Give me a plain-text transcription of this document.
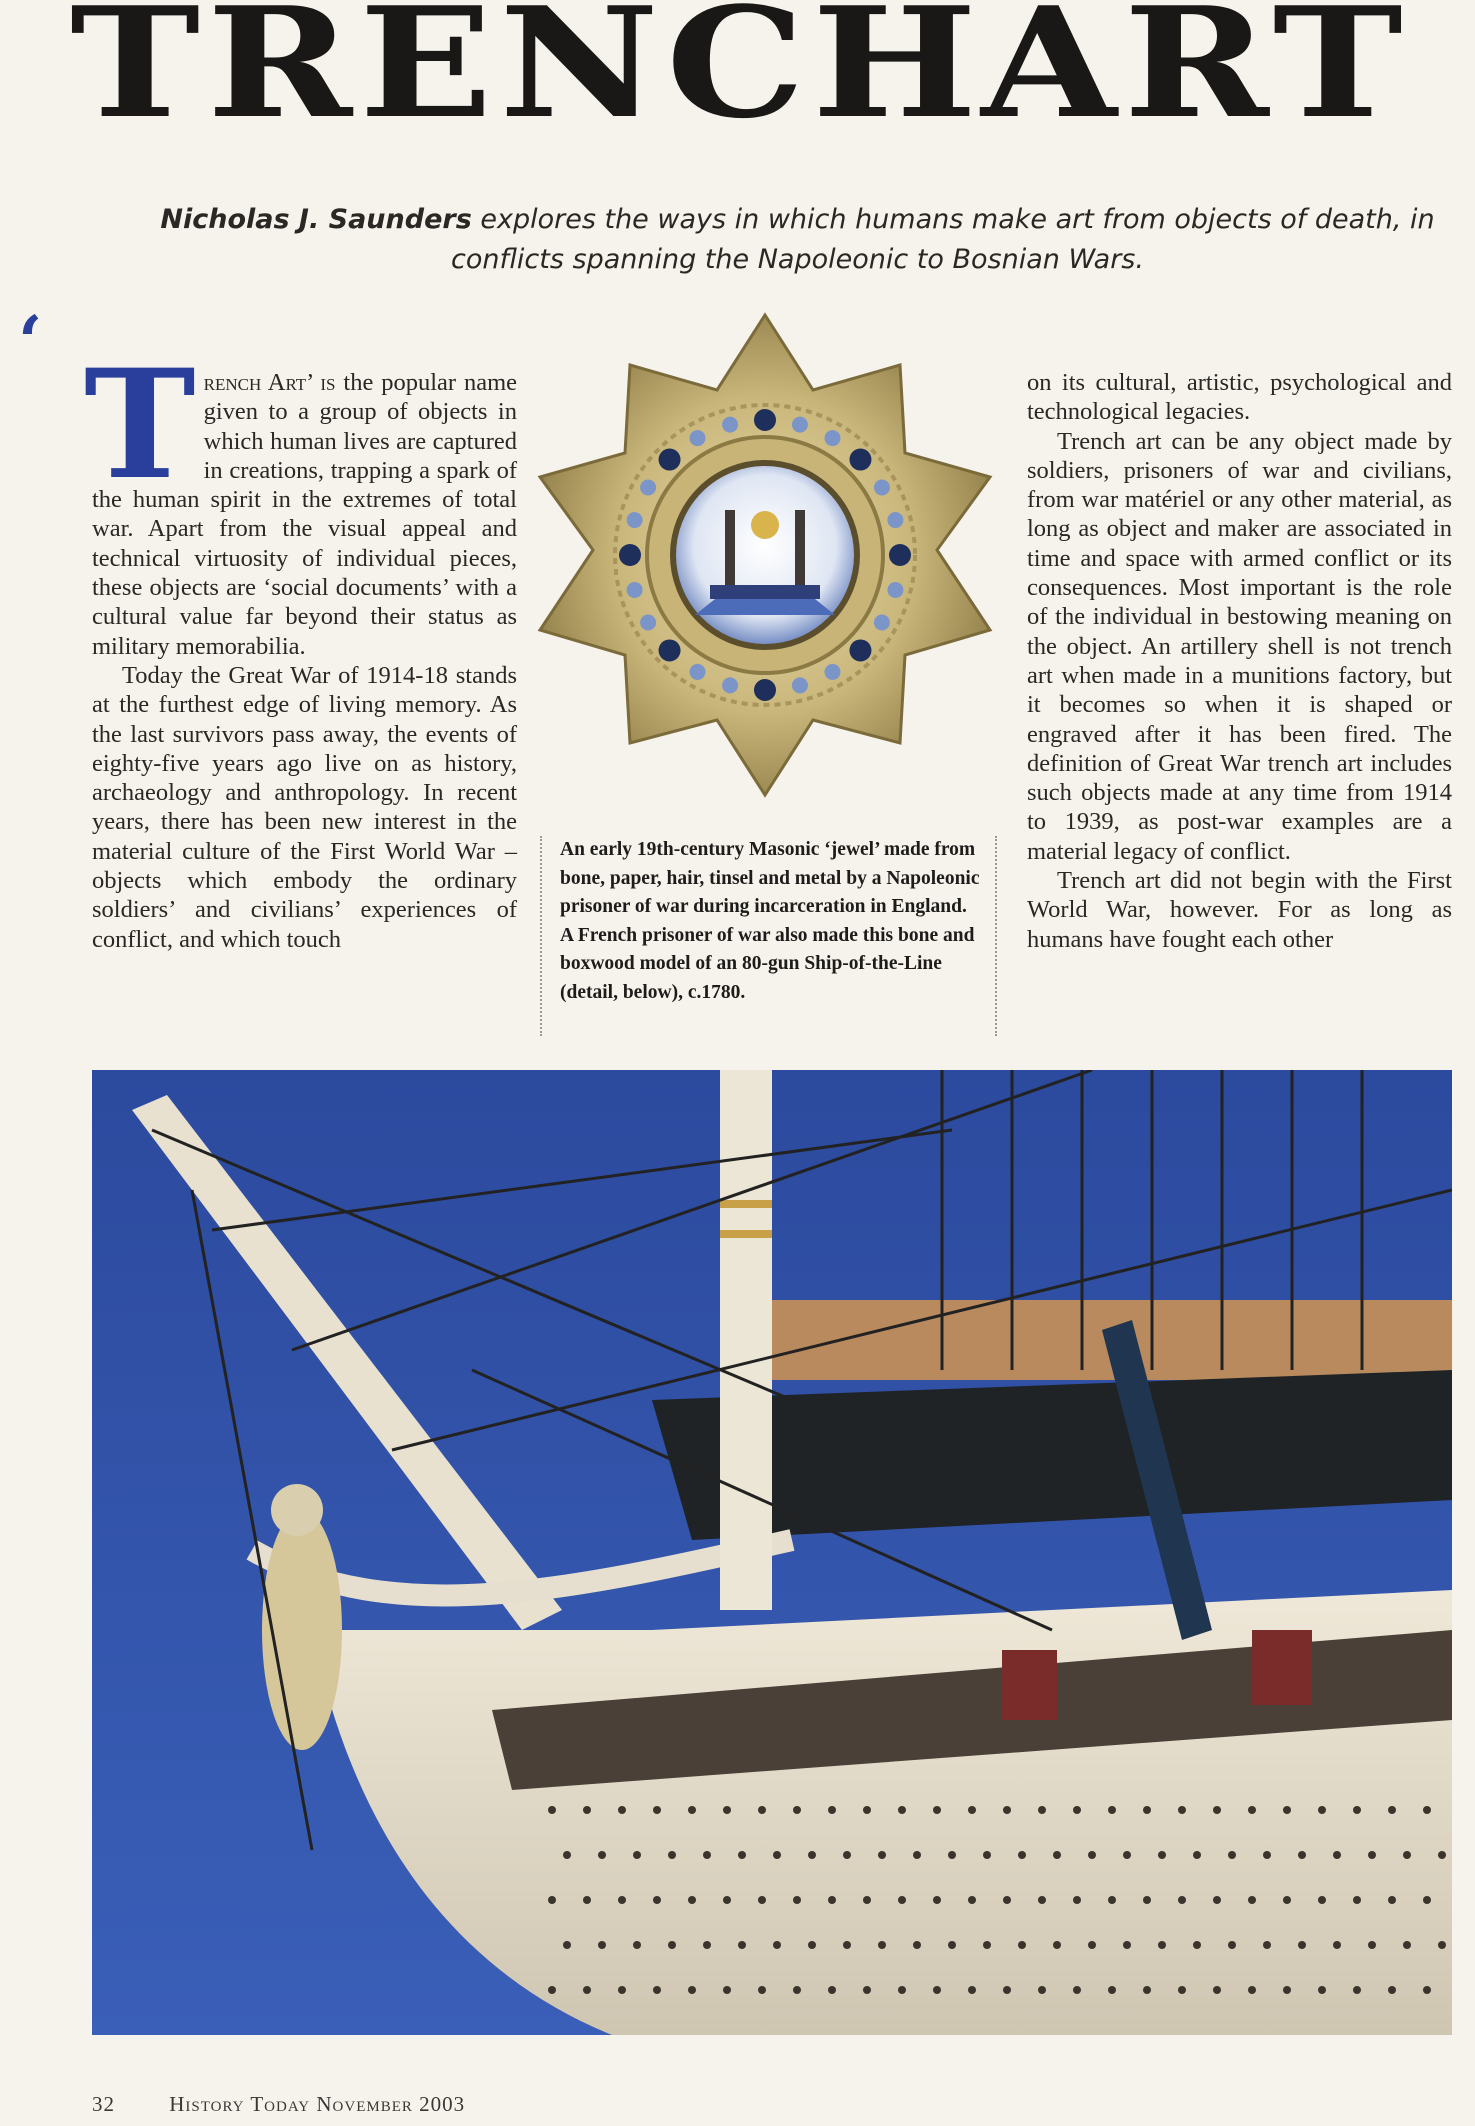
TRENCH
ART
Nicholas J. Saunders explores the ways in which humans make art from objects of death, in conflicts spanning the Napoleonic to Bosnian Wars.
‘ T rench Art’ is the popular name given to a group of objects in which human lives are captured in creations, trapping a spark of the human spirit in the extremes of total war. Apart from the visual appeal and technical virtuosity of individual pieces, these objects are ‘social documents’ with a cultural value far beyond their status as military memorabilia.

Today the Great War of 1914-18 stands at the furthest edge of living memory. As the last survivors pass away, the events of eighty-five years ago live on as history, archaeology and anthropology. In recent years, there has been new interest in the material culture of the First World War – objects which embody the ordinary soldiers’ and civilians’ experiences of conflict, and which touch

An early 19th-century Masonic ‘jewel’ made from bone, paper, hair, tinsel and metal by a Napoleonic prisoner of war during incarceration in England. A French prisoner of war also made this bone and boxwood model of an 80-gun Ship-of-the-Line (detail, below), c.1780.

on its cultural, artistic, psychological and technological legacies.

Trench art can be any object made by soldiers, prisoners of war and civilians, from war matériel or any other material, as long as object and maker are associated in time and space with armed conflict or its consequences. Most important is the role of the individual in bestowing meaning on the object. An artillery shell is not trench art when made in a munitions factory, but it becomes so when it is shaped or engraved after it has been fired. The definition of Great War trench art includes such objects made at any time from 1914 to 1939, as post-war examples are a material legacy of conflict.

Trench art did not begin with the First World War, however. For as long as humans have fought each other

32	History Today November 2003
